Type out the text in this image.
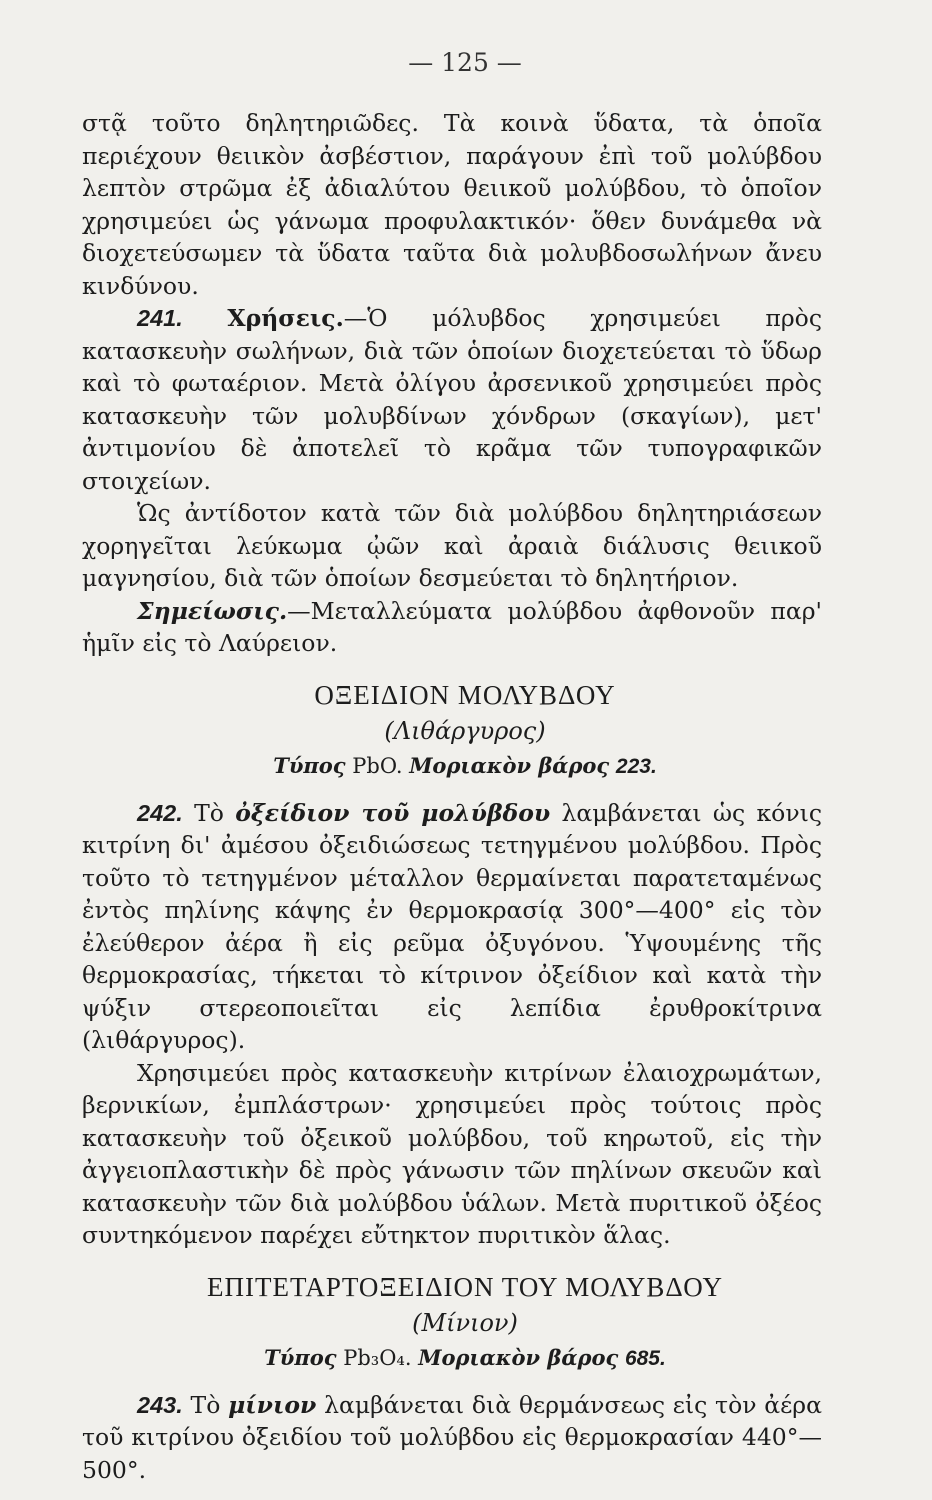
— 125 —

στᾷ τοῦτο δηλητηριῶδες. Τὰ κοινὰ ὕδατα, τὰ ὁποῖα περιέχουν θειικὸν ἀσβέστιον, παράγουν ἐπὶ τοῦ μολύβδου λεπτὸν στρῶμα ἐξ ἀδιαλύτου θειικοῦ μολύβδου, τὸ ὁποῖον χρησιμεύει ὡς γάνωμα προφυλακτικόν· ὅθεν δυνάμεθα νὰ διοχετεύσωμεν τὰ ὕδατα ταῦτα διὰ μολυβδοσωλήνων ἄνευ κινδύνου.

241. Χρήσεις.—Ὁ μόλυβδος χρησιμεύει πρὸς κατασκευὴν σωλήνων, διὰ τῶν ὁποίων διοχετεύεται τὸ ὕδωρ καὶ τὸ φωταέριον. Μετὰ ὀλίγου ἀρσενικοῦ χρησιμεύει πρὸς κατασκευὴν τῶν μολυβδίνων χόνδρων (σκαγίων), μετ' ἀντιμονίου δὲ ἀποτελεῖ τὸ κρᾶμα τῶν τυπογραφικῶν στοιχείων.

Ὡς ἀντίδοτον κατὰ τῶν διὰ μολύβδου δηλητηριάσεων χορηγεῖται λεύκωμα ᾠῶν καὶ ἀραιὰ διάλυσις θειικοῦ μαγνησίου, διὰ τῶν ὁποίων δεσμεύεται τὸ δηλητήριον.

Σημείωσις.—Μεταλλεύματα μολύβδου ἀφθονοῦν παρ' ἡμῖν εἰς τὸ Λαύρειον.

ΟΞΕΙΔΙΟΝ ΜΟΛΥΒΔΟΥ
(Λιθάργυρος)
Τύπος PbO. Μοριακὸν βάρος 223.

242. Τὸ ὀξείδιον τοῦ μολύβδου λαμβάνεται ὡς κόνις κιτρίνη δι' ἀμέσου ὀξειδιώσεως τετηγμένου μολύβδου. Πρὸς τοῦτο τὸ τετηγμένον μέταλλον θερμαίνεται παρατεταμένως ἐντὸς πηλίνης κάψης ἐν θερμοκρασίᾳ 300°—400° εἰς τὸν ἐλεύθερον ἀέρα ἢ εἰς ρεῦμα ὀξυγόνου. Ὑψουμένης τῆς θερμοκρασίας, τήκεται τὸ κίτρινον ὀξείδιον καὶ κατὰ τὴν ψύξιν στερεοποιεῖται εἰς λεπίδια ἐρυθροκίτρινα (λιθάργυρος).

Χρησιμεύει πρὸς κατασκευὴν κιτρίνων ἐλαιοχρωμάτων, βερνικίων, ἐμπλάστρων· χρησιμεύει πρὸς τούτοις πρὸς κατασκευὴν τοῦ ὀξεικοῦ μολύβδου, τοῦ κηρωτοῦ, εἰς τὴν ἀγγειοπλαστικὴν δὲ πρὸς γάνωσιν τῶν πηλίνων σκευῶν καὶ κατασκευὴν τῶν διὰ μολύβδου ὑάλων. Μετὰ πυριτικοῦ ὀξέος συντηκόμενον παρέχει εὔτηκτον πυριτικὸν ἅλας.

ΕΠΙΤΕΤΑΡΤΟΞΕΙΔΙΟΝ ΤΟΥ ΜΟΛΥΒΔΟΥ
(Μίνιον)
Τύπος Pb₃O₄. Μοριακὸν βάρος 685.

243. Τὸ μίνιον λαμβάνεται διὰ θερμάνσεως εἰς τὸν ἀέρα τοῦ κιτρίνου ὀξειδίου τοῦ μολύβδου εἰς θερμοκρασίαν 440°—500°.
